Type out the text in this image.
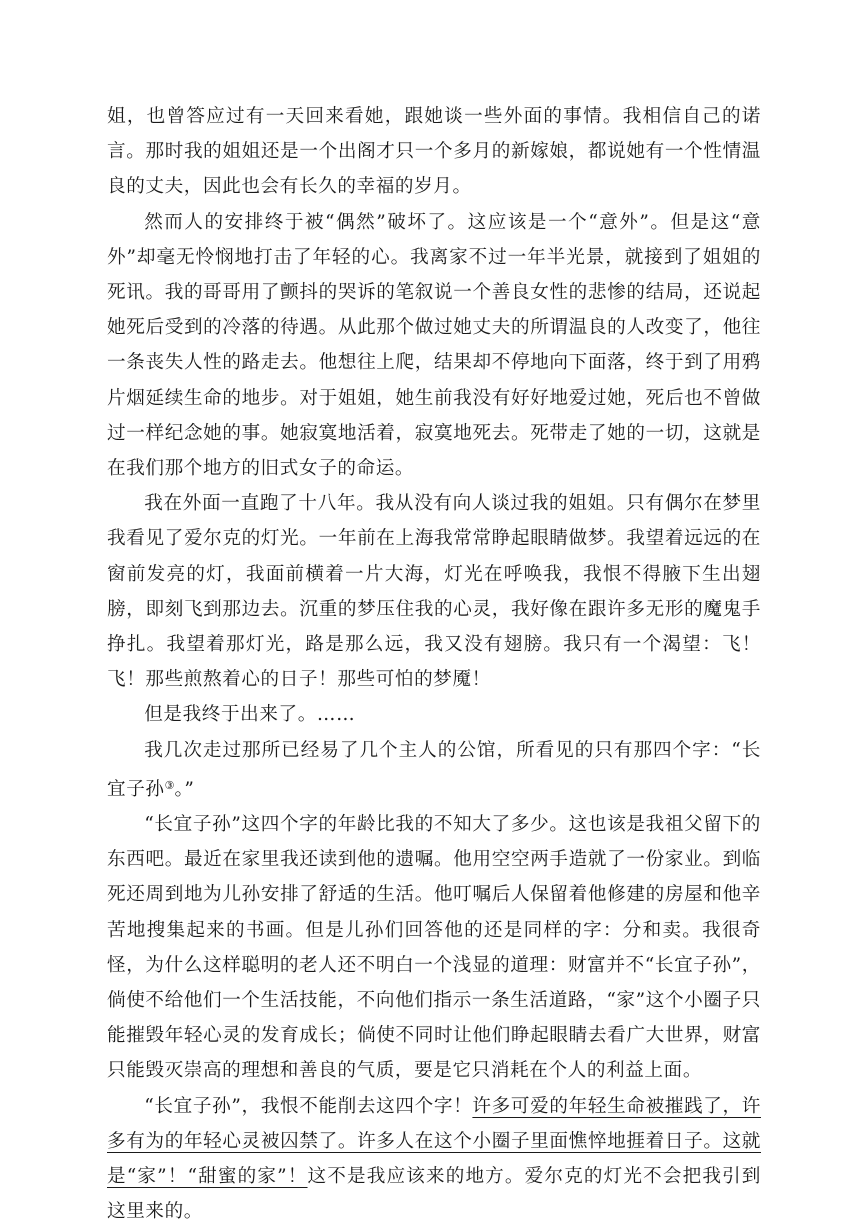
姐，也曾答应过有一天回来看她，跟她谈一些外面的事情。我相信自己的诺言。那时我的姐姐还是一个出阁才只一个多月的新嫁娘，都说她有一个性情温良的丈夫，因此也会有长久的幸福的岁月。

然而人的安排终于被“偶然”破坏了。这应该是一个“意外”。但是这“意外”却毫无怜悯地打击了年轻的心。我离家不过一年半光景，就接到了姐姐的死讯。我的哥哥用了颤抖的哭诉的笔叙说一个善良女性的悲惨的结局，还说起她死后受到的冷落的待遇。从此那个做过她丈夫的所谓温良的人改变了，他往一条丧失人性的路走去。他想往上爬，结果却不停地向下面落，终于到了用鸦片烟延续生命的地步。对于姐姐，她生前我没有好好地爱过她，死后也不曾做过一样纪念她的事。她寂寞地活着，寂寞地死去。死带走了她的一切，这就是在我们那个地方的旧式女子的命运。

我在外面一直跑了十八年。我从没有向人谈过我的姐姐。只有偶尔在梦里我看见了爱尔克的灯光。一年前在上海我常常睁起眼睛做梦。我望着远远的在窗前发亮的灯，我面前横着一片大海，灯光在呼唤我，我恨不得腋下生出翅膀，即刻飞到那边去。沉重的梦压住我的心灵，我好像在跟许多无形的魔鬼手挣扎。我望着那灯光，路是那么远，我又没有翅膀。我只有一个渴望：飞！飞！那些煎熬着心的日子！那些可怕的梦魇！

但是我终于出来了。……

我几次走过那所已经易了几个主人的公馆，所看见的只有那四个字：“长宜子孙③。”

“长宜子孙”这四个字的年龄比我的不知大了多少。这也该是我祖父留下的东西吧。最近在家里我还读到他的遗嘱。他用空空两手造就了一份家业。到临死还周到地为儿孙安排了舒适的生活。他叮嘱后人保留着他修建的房屋和他辛苦地搜集起来的书画。但是儿孙们回答他的还是同样的字：分和卖。我很奇怪，为什么这样聪明的老人还不明白一个浅显的道理：财富并不“长宜子孙”，倘使不给他们一个生活技能，不向他们指示一条生活道路，“家”这个小圈子只能摧毁年轻心灵的发育成长；倘使不同时让他们睁起眼睛去看广大世界，财富只能毁灭崇高的理想和善良的气质，要是它只消耗在个人的利益上面。

“长宜子孙”，我恨不能削去这四个字！许多可爱的年轻生命被摧践了，许多有为的年轻心灵被囚禁了。许多人在这个小圈子里面憔悴地捱着日子。这就是“家”！“甜蜜的家”！这不是我应该来的地方。爱尔克的灯光不会把我引到这里来的。
